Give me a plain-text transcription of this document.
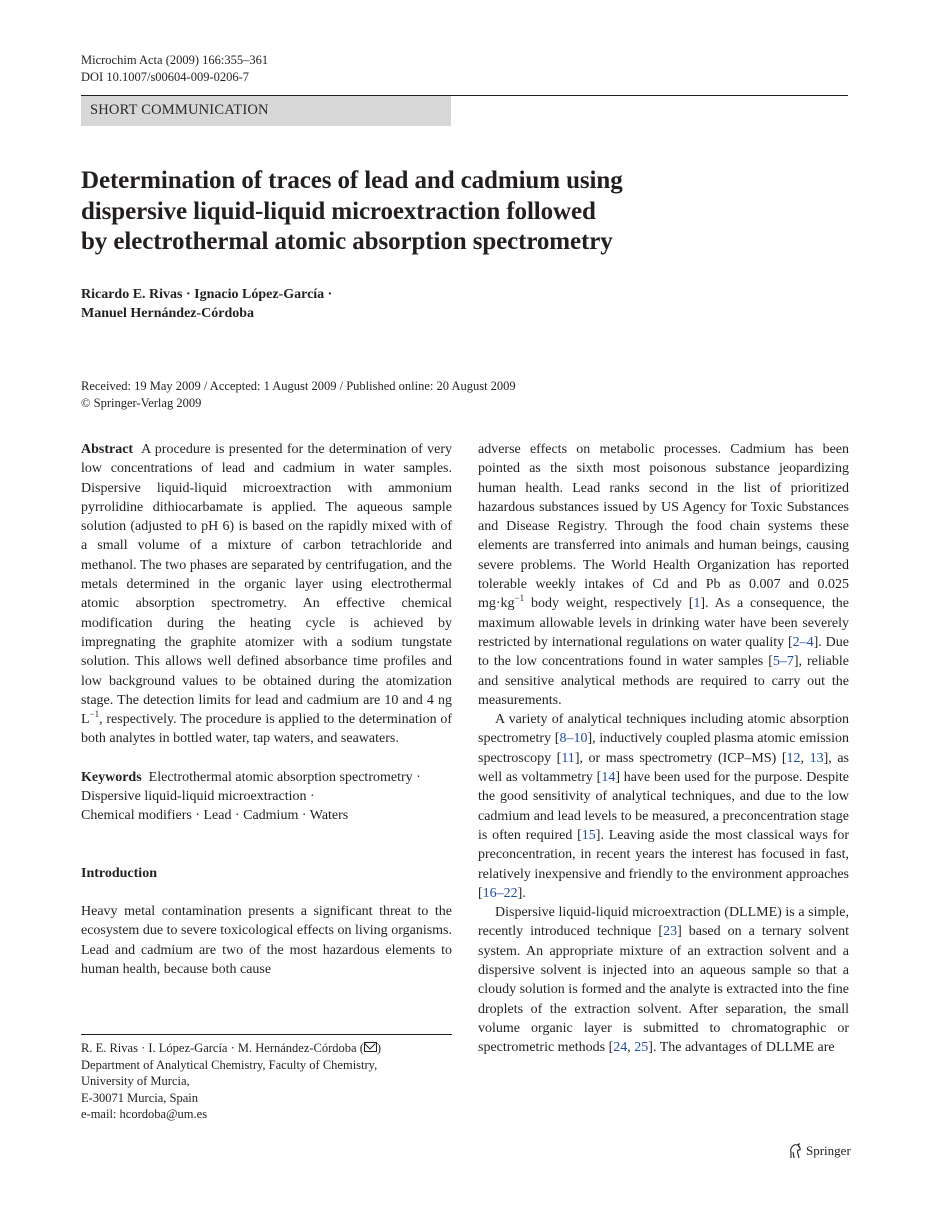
Microchim Acta (2009) 166:355–361
DOI 10.1007/s00604-009-0206-7
SHORT COMMUNICATION
Determination of traces of lead and cadmium using
dispersive liquid-liquid microextraction followed
by electrothermal atomic absorption spectrometry
Ricardo E. Rivas · Ignacio López-García ·
Manuel Hernández-Córdoba
Received: 19 May 2009 / Accepted: 1 August 2009 / Published online: 20 August 2009
© Springer-Verlag 2009

Abstract A procedure is presented for the determination of very low concentrations of lead and cadmium in water samples. Dispersive liquid-liquid microextraction with ammonium pyrrolidine dithiocarbamate is applied. The aqueous sample solution (adjusted to pH 6) is based on the rapidly mixed with of a small volume of a mixture of carbon tetrachloride and methanol. The two phases are separated by centrifugation, and the metals determined in the organic layer using electrothermal atomic absorption spectrometry. An effective chemical modification during the heating cycle is achieved by impregnating the graphite atomizer with a sodium tungstate solution. This allows well defined absorbance time profiles and low background values to be obtained during the atomization stage. The detection limits for lead and cadmium are 10 and 4 ng $L^{-1}$, respectively. The procedure is applied to the determination of both analytes in bottled water, tap waters, and seawaters.

Keywords Electrothermal atomic absorption spectrometry ·
Dispersive liquid-liquid microextraction ·
Chemical modifiers · Lead · Cadmium · Waters

Introduction

Heavy metal contamination presents a significant threat to the ecosystem due to severe toxicological effects on living organisms. Lead and cadmium are two of the most hazardous elements to human health, because both cause

adverse effects on metabolic processes. Cadmium has been pointed as the sixth most poisonous substance jeopardizing human health. Lead ranks second in the list of prioritized hazardous substances issued by US Agency for Toxic Substances and Disease Registry. Through the food chain systems these elements are transferred into animals and human beings, causing severe problems. The World Health Organization has reported tolerable weekly intakes of Cd and Pb as 0.007 and 0.025 $mg\cdot kg^{-1}$ body weight, respectively [1]. As a consequence, the maximum allowable levels in drinking water have been severely restricted by international regulations on water quality [2–4]. Due to the low concentrations found in water samples [5–7], reliable and sensitive analytical methods are required to carry out the measurements.

A variety of analytical techniques including atomic absorption spectrometry [8–10], inductively coupled plasma atomic emission spectroscopy [11], or mass spectrometry (ICP–MS) [12, 13], as well as voltammetry [14] have been used for the purpose. Despite the good sensitivity of analytical techniques, and due to the low cadmium and lead levels to be measured, a preconcentration stage is often required [15]. Leaving aside the most classical ways for preconcentration, in recent years the interest has focused in fast, relatively inexpensive and friendly to the environment approaches [16–22].

Dispersive liquid-liquid microextraction (DLLME) is a simple, recently introduced technique [23] based on a ternary solvent system. An appropriate mixture of an extraction solvent and a dispersive solvent is injected into an aqueous sample so that a cloudy solution is formed and the analyte is extracted into the fine droplets of the extraction solvent. After separation, the small volume organic layer is submitted to chromatographic or spectrometric methods [24, 25]. The advantages of DLLME are

R. E. Rivas · I. López-García · M. Hernández-Córdoba ( )
Department of Analytical Chemistry, Faculty of Chemistry,
University of Murcia,
E-30071 Murcia, Spain
e-mail: hcordoba@um.es
Springer
